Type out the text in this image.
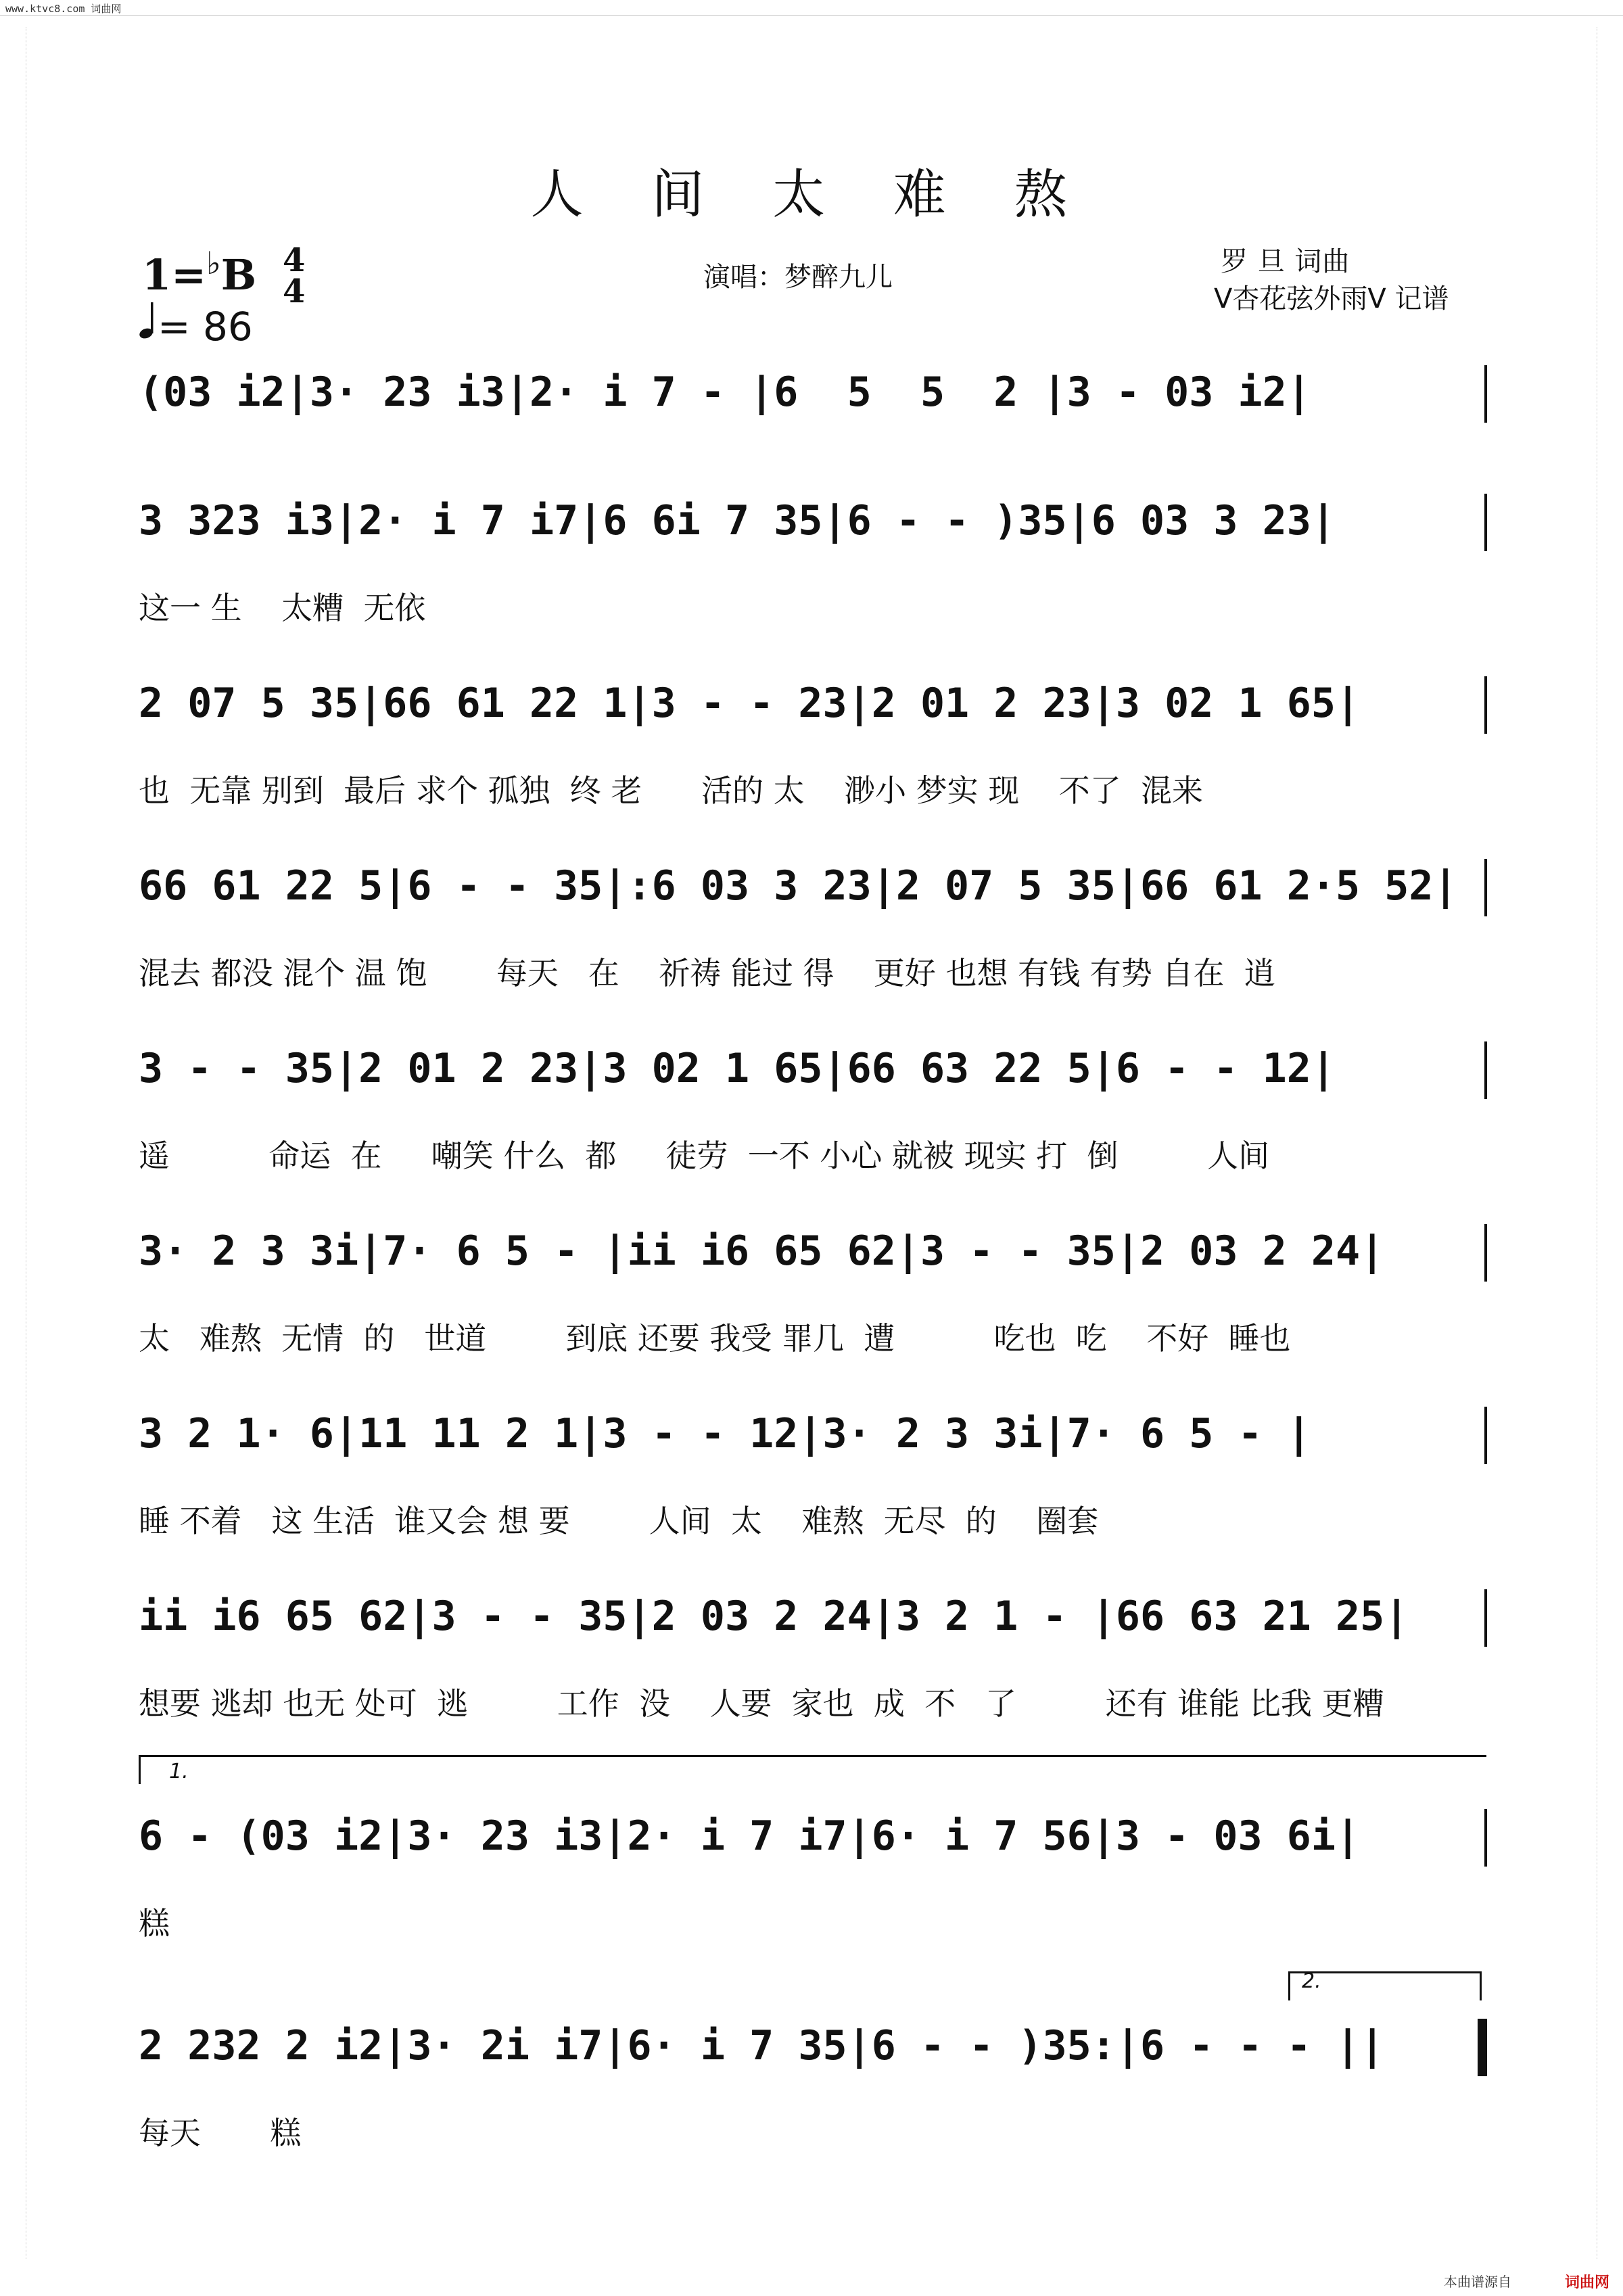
www.ktvc8.com 词曲网
人 间 太 难 熬
1=♭B 4
4
= 86
演唱：梦醉九儿	罗 旦 词曲
V杏花弦外雨V 记谱
(03 i2|3· 23 i3|2· i 7 - |6  5  5  2 |3 - 03 i2|
3 323 i3|2· i 7 i7|6 6i 7 35|6 - - )35|6 03 3 23|
这一 生    太糟  无依
2 07 5 35|66 61 22 1|3 - - 23|2 01 2 23|3 02 1 65|
也  无靠 别到  最后 求个 孤独  终 老      活的 太    渺小 梦实 现    不了  混来
66 61 22 5|6 - - 35|:6 03 3 23|2 07 5 35|66 61 2·5 52|
混去 都没 混个 温 饱       每天   在    祈祷 能过 得    更好 也想 有钱 有势 自在  逍
3 - - 35|2 01 2 23|3 02 1 65|66 63 22 5|6 - - 12|
遥          命运  在     嘲笑 什么  都     徒劳  一不 小心 就被 现实 打  倒         人间
3· 2 3 3i|7· 6 5 - |ii i6 65 62|3 - - 35|2 03 2 24|
太   难熬  无情  的   世道        到底 还要 我受 罪几  遭          吃也  吃    不好  睡也
3 2 1· 6|11 11 2 1|3 - - 12|3· 2 3 3i|7· 6 5 - |
睡 不着   这 生活  谁又会 想 要        人间  太    难熬  无尽  的    圈套
ii i6 65 62|3 - - 35|2 03 2 24|3 2 1 - |66 63 21 25|
想要 逃却 也无 处可  逃         工作  没    人要  家也  成  不   了         还有 谁能 比我 更糟
6 - (03 i2|3· 23 i3|2· i 7 i7|6· i 7 56|3 - 03 6i|
糕
1.
2 232 2 i2|3· 2i i7|6· i 7 35|6 - - )35:|6 - - - ||
每天       糕
2.
本曲谱源自	词曲网
